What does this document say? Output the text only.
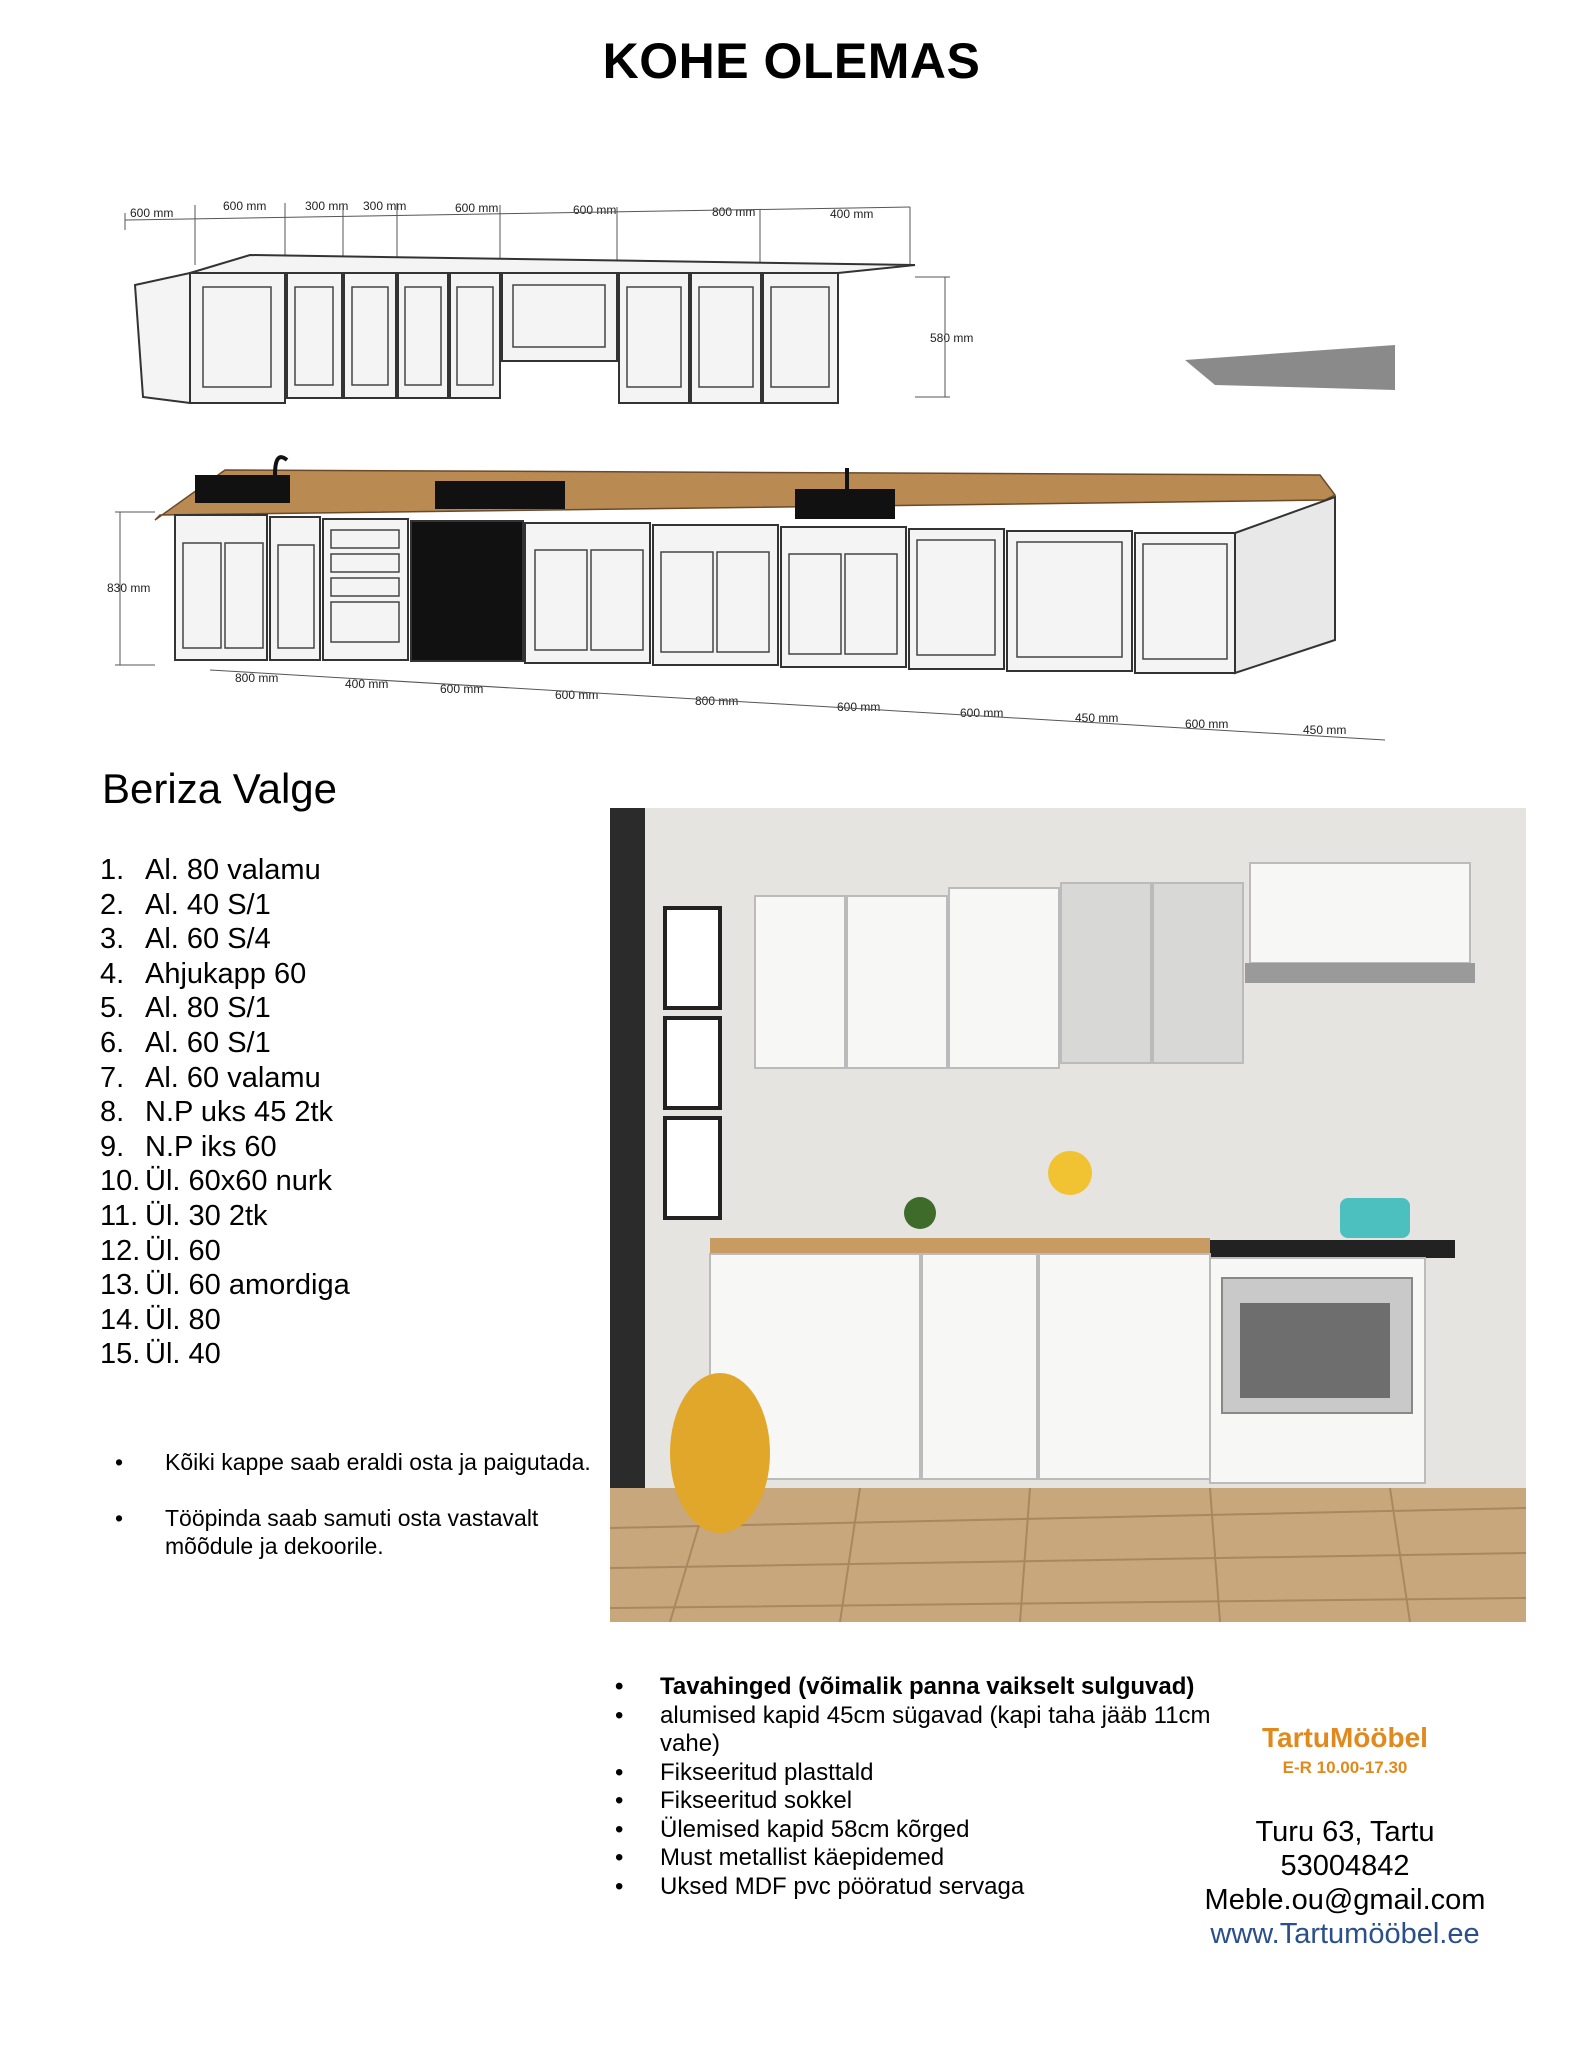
KOHE OLEMAS
600 mm	600 mm	300 mm 300 mm	600 mm	600 mm	800 mm	400 mm
580 mm
830 mm
800 mm	400 mm	600 mm	600 mm	800 mm	600 mm	600 mm	450 mm	600 mm	450 mm
Beriza Valge
1. Al. 80 valamu
2. Al. 40 S/1
3. Al. 60 S/4
4. Ahjukapp 60
5. Al. 80 S/1
6. Al. 60 S/1
7. Al. 60 valamu
8. N.P uks 45 2tk
9. N.P iks 60
10. Ül. 60x60 nurk
11. Ül. 30 2tk
12. Ül. 60
13. Ül. 60 amordiga
14. Ül. 80
15. Ül. 40
• Kõiki kappe saab eraldi osta ja paigutada.
• Tööpinda saab samuti osta vastavalt mõõdule ja dekoorile.
• Tavahinged (võimalik panna vaikselt sulguvad)
• alumised kapid 45cm sügavad (kapi taha jääb 11cm vahe)
• Fikseeritud plasttald
• Fikseeritud sokkel
• Ülemised kapid 58cm kõrged
• Must metallist käepidemed
• Uksed MDF pvc pööratud servaga
TartuMööbel
E-R 10.00-17.30
Turu 63, Tartu
53004842
Meble.ou@gmail.com
www.Tartumööbel.ee
